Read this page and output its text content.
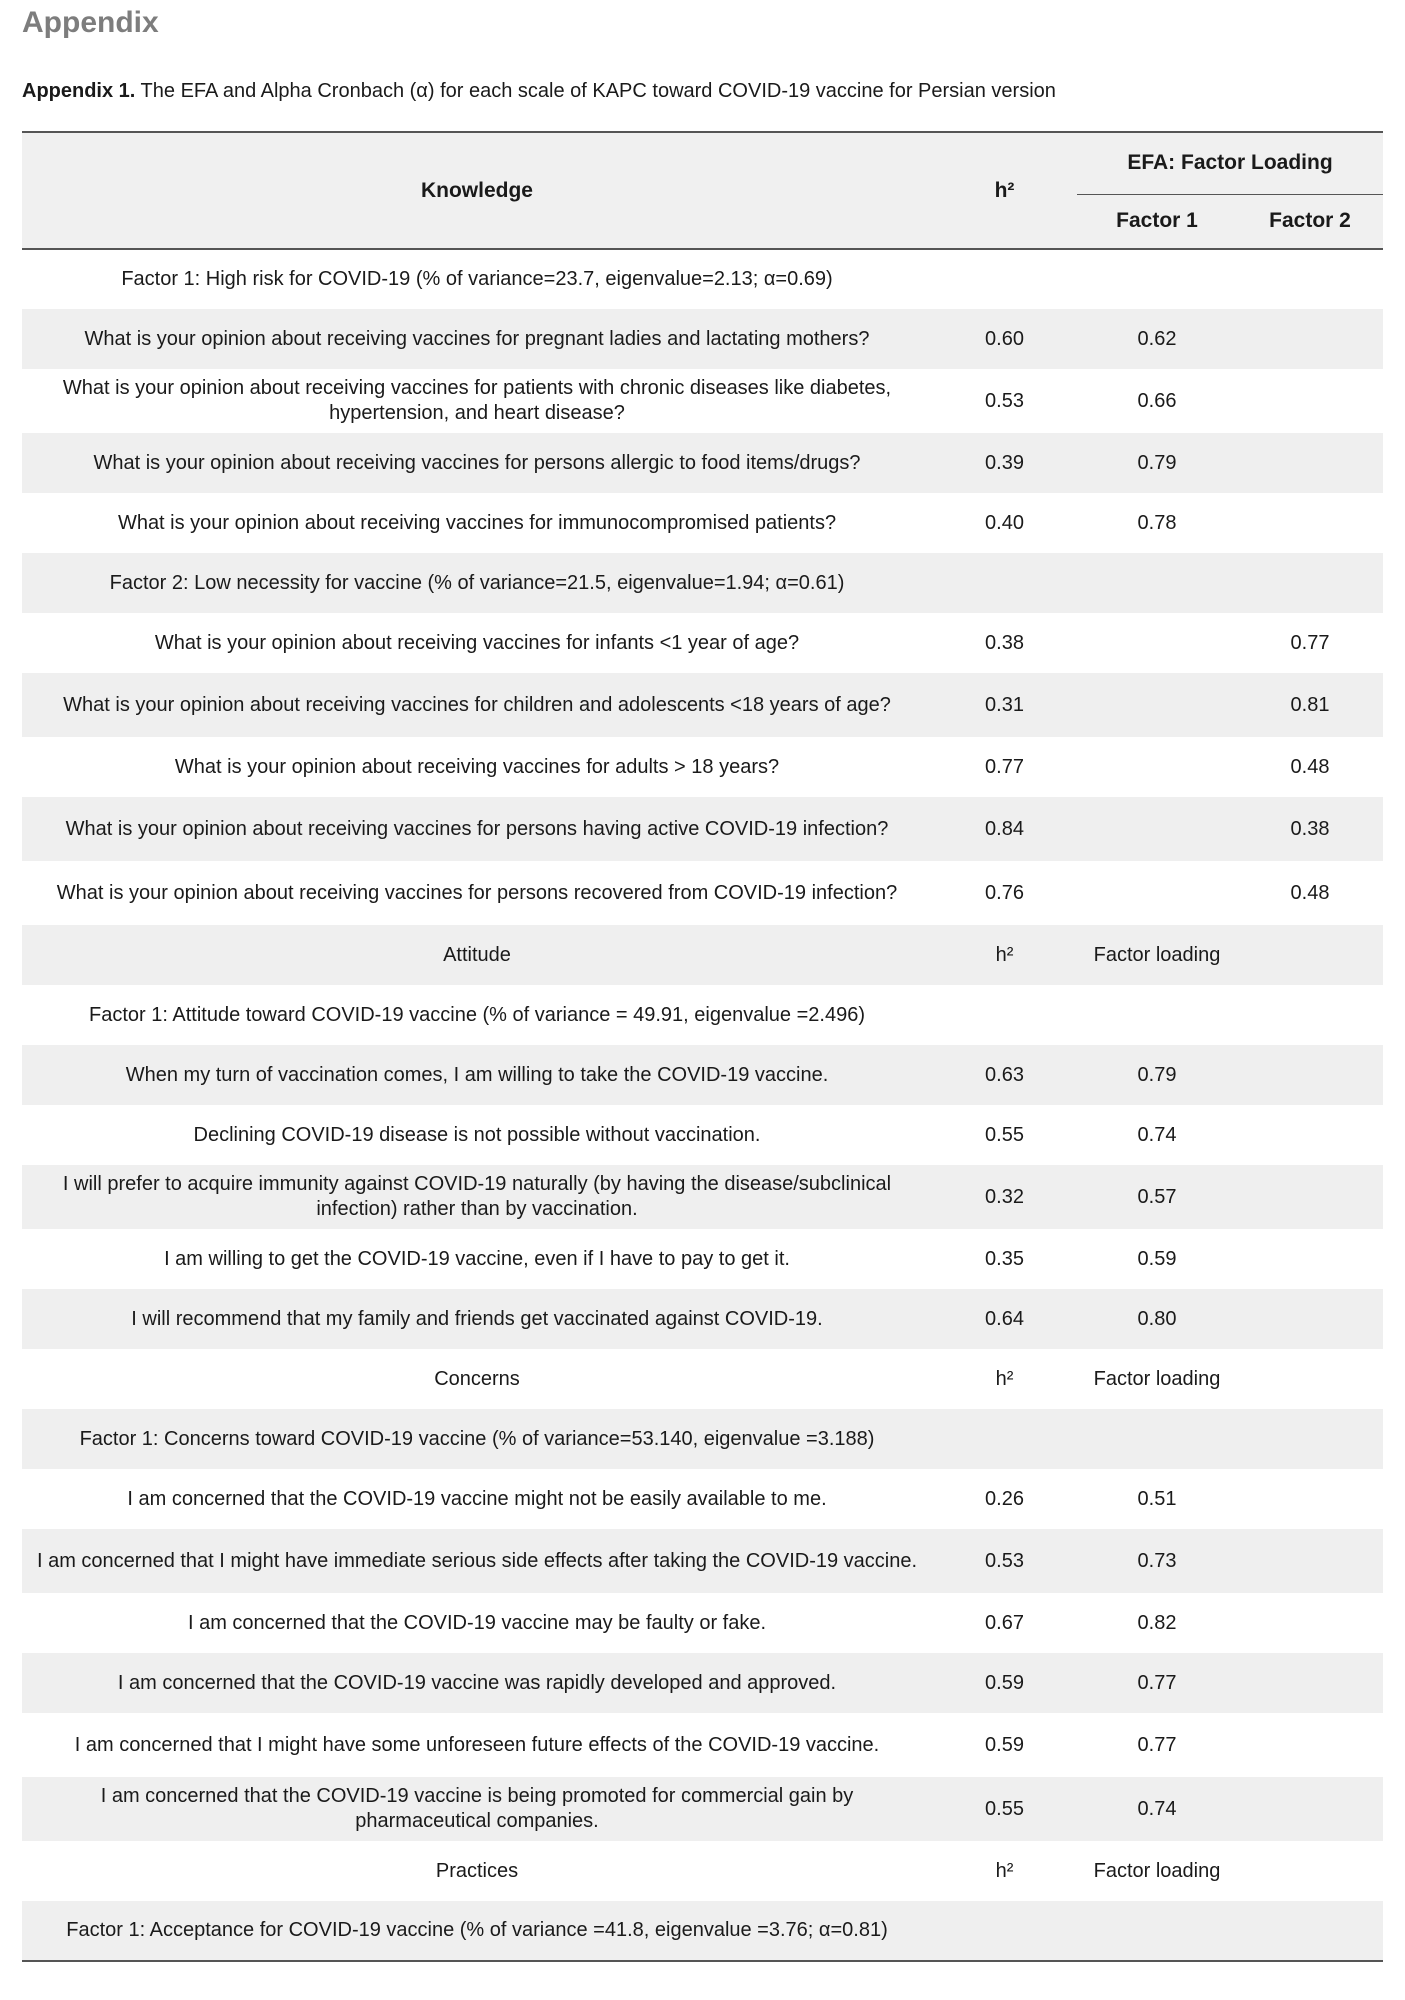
Appendix
Appendix 1. The EFA and Alpha Cronbach (α) for each scale of KAPC toward COVID-19 vaccine for Persian version
Knowledge	h²	EFA: Factor Loading	
		Factor 1	Factor 2
Factor 1: High risk for COVID-19 (% of variance=23.7, eigenvalue=2.13; α=0.69)			
What is your opinion about receiving vaccines for pregnant ladies and lactating mothers?	0.60	0.62	
What is your opinion about receiving vaccines for patients with chronic diseases like diabetes, hypertension, and heart disease?	0.53	0.66	
What is your opinion about receiving vaccines for persons allergic to food items/drugs?	0.39	0.79	
What is your opinion about receiving vaccines for immunocompromised patients?	0.40	0.78	
Factor 2: Low necessity for vaccine (% of variance=21.5, eigenvalue=1.94; α=0.61)			
What is your opinion about receiving vaccines for infants <1 year of age?	0.38		0.77
What is your opinion about receiving vaccines for children and adolescents <18 years of age?	0.31		0.81
What is your opinion about receiving vaccines for adults > 18 years?	0.77		0.48
What is your opinion about receiving vaccines for persons having active COVID-19 infection?	0.84		0.38
What is your opinion about receiving vaccines for persons recovered from COVID-19 infection?	0.76		0.48
Attitude	h²	Factor loading	
Factor 1: Attitude toward COVID-19 vaccine (% of variance = 49.91, eigenvalue =2.496)			
When my turn of vaccination comes, I am willing to take the COVID-19 vaccine.	0.63	0.79	
Declining COVID-19 disease is not possible without vaccination.	0.55	0.74	
I will prefer to acquire immunity against COVID-19 naturally (by having the disease/subclinical infection) rather than by vaccination.	0.32	0.57	
I am willing to get the COVID-19 vaccine, even if I have to pay to get it.	0.35	0.59	
I will recommend that my family and friends get vaccinated against COVID-19.	0.64	0.80	
Concerns	h²	Factor loading	
Factor 1: Concerns toward COVID-19 vaccine (% of variance=53.140, eigenvalue =3.188)			
I am concerned that the COVID-19 vaccine might not be easily available to me.	0.26	0.51	
I am concerned that I might have immediate serious side effects after taking the COVID-19 vaccine.	0.53	0.73	
I am concerned that the COVID-19 vaccine may be faulty or fake.	0.67	0.82	
I am concerned that the COVID-19 vaccine was rapidly developed and approved.	0.59	0.77	
I am concerned that I might have some unforeseen future effects of the COVID-19 vaccine.	0.59	0.77	
I am concerned that the COVID-19 vaccine is being promoted for commercial gain by pharmaceutical companies.	0.55	0.74	
Practices	h²	Factor loading	
Factor 1: Acceptance for COVID-19 vaccine (% of variance =41.8, eigenvalue =3.76; α=0.81)			
